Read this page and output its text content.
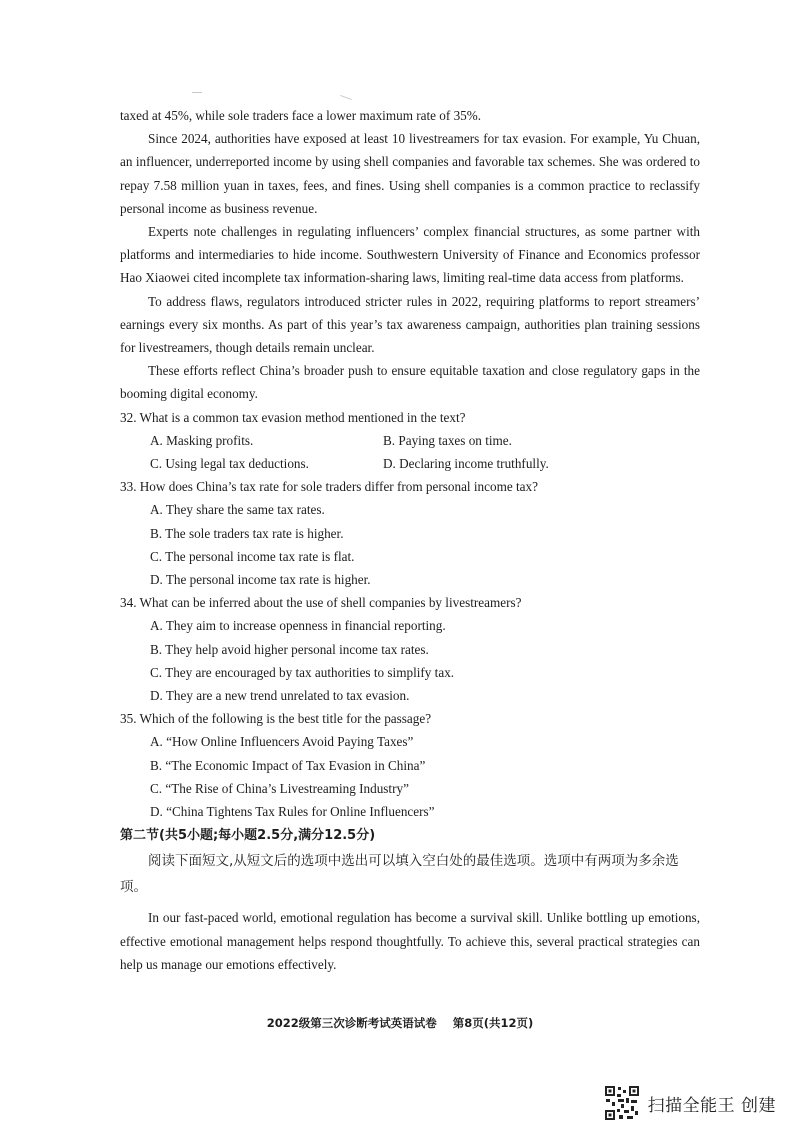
taxed at 45%, while sole traders face a lower maximum rate of 35%.

Since 2024, authorities have exposed at least 10 livestreamers for tax evasion. For example, Yu Chuan, an influencer, underreported income by using shell companies and favorable tax schemes. She was ordered to repay 7.58 million yuan in taxes, fees, and fines. Using shell companies is a common practice to reclassify personal income as business revenue.

Experts note challenges in regulating influencers’ complex financial structures, as some partner with platforms and intermediaries to hide income. Southwestern University of Finance and Economics professor Hao Xiaowei cited incomplete tax information-sharing laws, limiting real-time data access from platforms.

To address flaws, regulators introduced stricter rules in 2022, requiring platforms to report streamers’ earnings every six months. As part of this year’s tax awareness campaign, authorities plan training sessions for livestreamers, though details remain unclear.

These efforts reflect China’s broader push to ensure equitable taxation and close regulatory gaps in the booming digital economy.

32. What is a common tax evasion method mentioned in the text?
A. Masking profits.	B. Paying taxes on time.
C. Using legal tax deductions.	D. Declaring income truthfully.
33. How does China’s tax rate for sole traders differ from personal income tax?
A. They share the same tax rates.
B. The sole traders tax rate is higher.
C. The personal income tax rate is flat.
D. The personal income tax rate is higher.
34. What can be inferred about the use of shell companies by livestreamers?
A. They aim to increase openness in financial reporting.
B. They help avoid higher personal income tax rates.
C. They are encouraged by tax authorities to simplify tax.
D. They are a new trend unrelated to tax evasion.
35. Which of the following is the best title for the passage?
A. “How Online Influencers Avoid Paying Taxes”
B. “The Economic Impact of Tax Evasion in China”
C. “The Rise of China’s Livestreaming Industry”
D. “China Tightens Tax Rules for Online Influencers”
第二节(共5小题;每小题2.5分,满分12.5分)
阅读下面短文,从短文后的选项中选出可以填入空白处的最佳选项。选项中有两项为多余选项。

In our fast-paced world, emotional regulation has become a survival skill. Unlike bottling up emotions, effective emotional management helps respond thoughtfully. To achieve this, several practical strategies can help us manage our emotions effectively.

2022级第三次诊断考试英语试卷 第8页(共12页)
扫描全能王 创建
